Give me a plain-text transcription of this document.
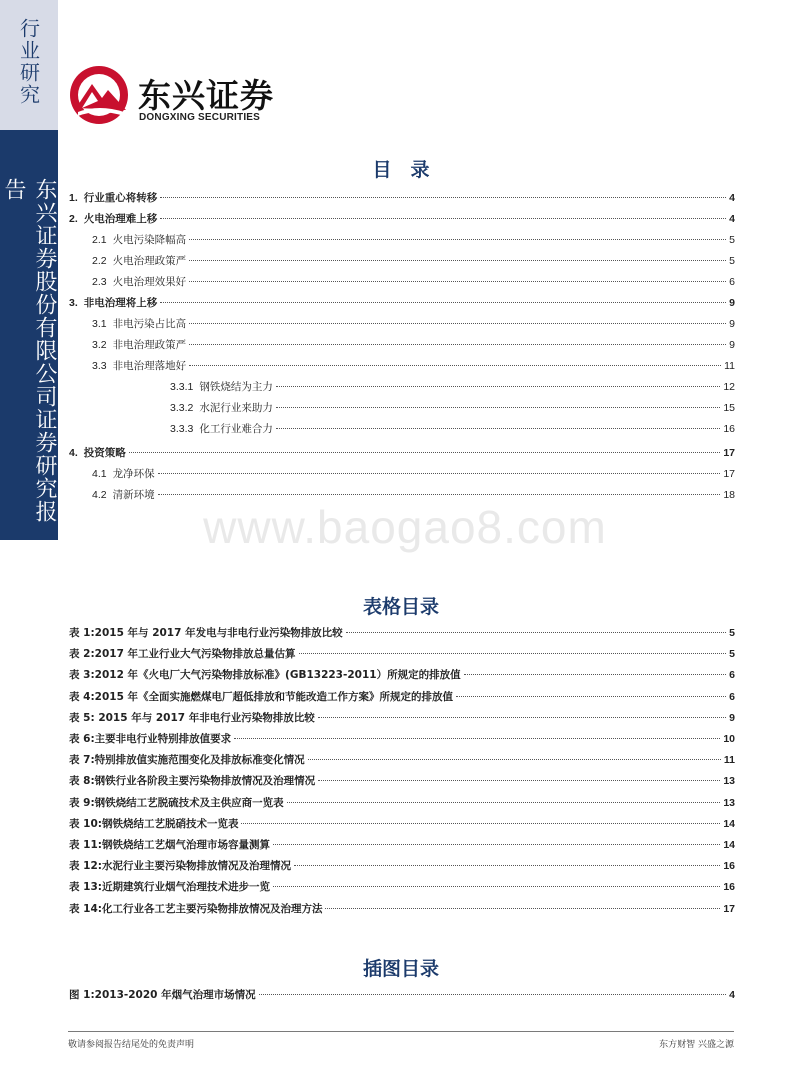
行业研究
东兴证券股份有限公司证券研究报告
东兴证券
DONGXING SECURITIES
目　录
1. 行业重心将转移	4
2. 火电治理难上移	4
2.1 火电污染降幅高	5
2.2 火电治理政策严	5
2.3 火电治理效果好	6
3. 非电治理将上移	9
3.1 非电污染占比高	9
3.2 非电治理政策严	9
3.3 非电治理落地好	11
3.3.1 钢铁烧结为主力	12
3.3.2 水泥行业来助力	15
3.3.3 化工行业难合力	16
4. 投资策略	17
4.1 龙净环保	17
4.2 清新环境	18
www.baogao8.com
表格目录
表 1:2015 年与 2017 年发电与非电行业污染物排放比较	5
表 2:2017 年工业行业大气污染物排放总量估算	5
表 3:2012 年《火电厂大气污染物排放标准》(GB13223-2011）所规定的排放值	6
表 4:2015 年《全面实施燃煤电厂超低排放和节能改造工作方案》所规定的排放值	6
表 5: 2015 年与 2017 年非电行业污染物排放比较	9
表 6:主要非电行业特别排放值要求	10
表 7:特别排放值实施范围变化及排放标准变化情况	11
表 8:钢铁行业各阶段主要污染物排放情况及治理情况	13
表 9:钢铁烧结工艺脱硫技术及主供应商一览表	13
表 10:钢铁烧结工艺脱硝技术一览表	14
表 11:钢铁烧结工艺烟气治理市场容量测算	14
表 12:水泥行业主要污染物排放情况及治理情况	16
表 13:近期建筑行业烟气治理技术进步一览	16
表 14:化工行业各工艺主要污染物排放情况及治理方法	17
插图目录
图 1:2013-2020 年烟气治理市场情况	4
敬请参阅报告结尾处的免责声明	东方财智 兴盛之源
